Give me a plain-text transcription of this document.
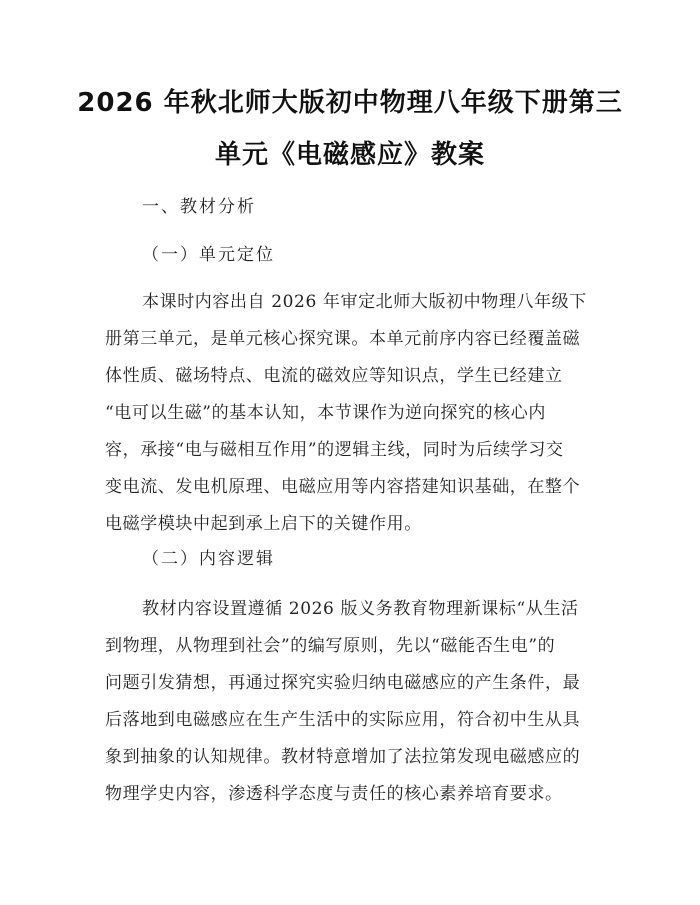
2026 年秋北师大版初中物理八年级下册第三
单元《电磁感应》教案
一、教材分析
（一）单元定位
本课时内容出自 2026 年审定北师大版初中物理八年级下
册第三单元，是单元核心探究课。本单元前序内容已经覆盖磁
体性质、磁场特点、电流的磁效应等知识点，学生已经建立
“电可以生磁”的基本认知，本节课作为逆向探究的核心内
容，承接“电与磁相互作用”的逻辑主线，同时为后续学习交
变电流、发电机原理、电磁应用等内容搭建知识基础，在整个
电磁学模块中起到承上启下的关键作用。
（二）内容逻辑
教材内容设置遵循 2026 版义务教育物理新课标“从生活
到物理，从物理到社会”的编写原则，先以“磁能否生电”的
问题引发猜想，再通过探究实验归纳电磁感应的产生条件，最
后落地到电磁感应在生产生活中的实际应用，符合初中生从具
象到抽象的认知规律。教材特意增加了法拉第发现电磁感应的
物理学史内容，渗透科学态度与责任的核心素养培育要求。
